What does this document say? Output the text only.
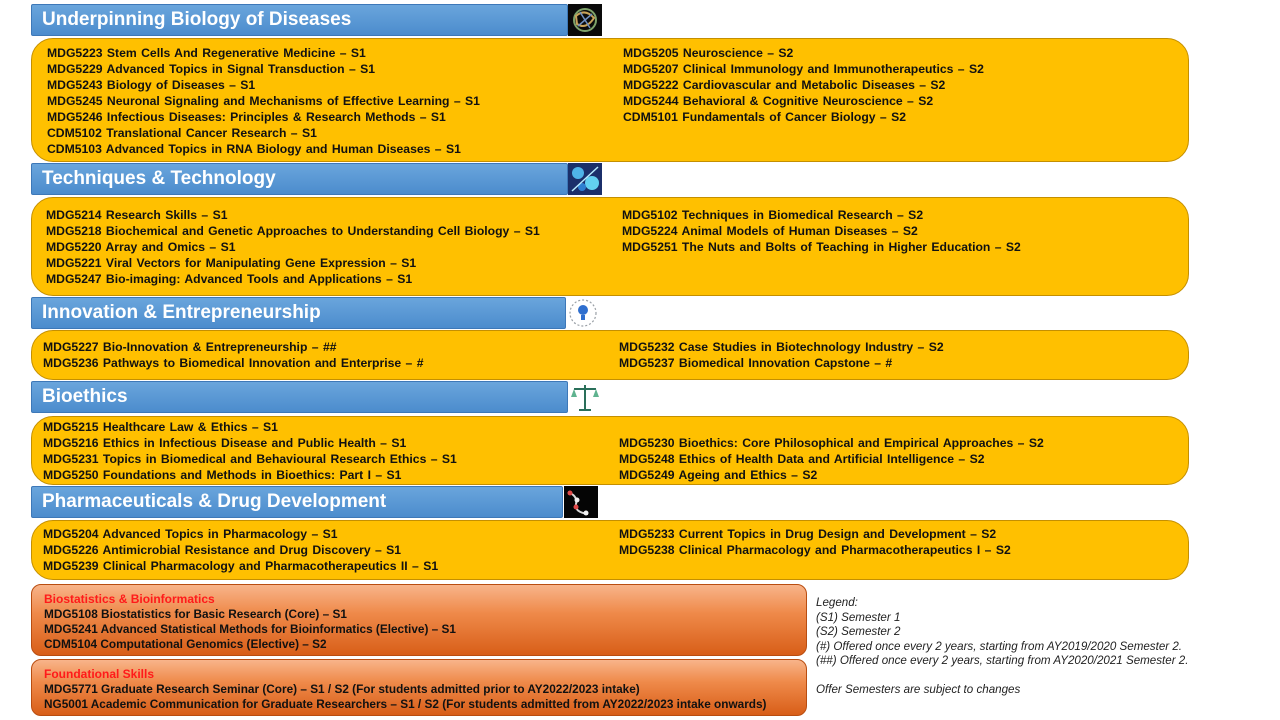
Underpinning Biology of Diseases
MDG5223 Stem Cells And Regenerative Medicine – S1
MDG5229 Advanced Topics in Signal Transduction – S1
MDG5243 Biology of Diseases – S1
MDG5245 Neuronal Signaling and Mechanisms of Effective Learning – S1
MDG5246 Infectious Diseases: Principles & Research Methods – S1
CDM5102 Translational Cancer Research – S1
CDM5103 Advanced Topics in RNA Biology and Human Diseases – S1
MDG5205 Neuroscience – S2
MDG5207 Clinical Immunology and Immunotherapeutics – S2
MDG5222 Cardiovascular and Metabolic Diseases – S2
MDG5244 Behavioral & Cognitive Neuroscience – S2
CDM5101 Fundamentals of Cancer Biology – S2
Techniques & Technology
MDG5214 Research Skills – S1
MDG5218 Biochemical and Genetic Approaches to Understanding Cell Biology – S1
MDG5220 Array and Omics – S1
MDG5221 Viral Vectors for Manipulating Gene Expression – S1
MDG5247 Bio-imaging: Advanced Tools and Applications – S1
MDG5102 Techniques in Biomedical Research – S2
MDG5224 Animal Models of Human Diseases – S2
MDG5251 The Nuts and Bolts of Teaching in Higher Education – S2
Innovation & Entrepreneurship
MDG5227 Bio-Innovation & Entrepreneurship – ##
MDG5236 Pathways to Biomedical Innovation and Enterprise – #
MDG5232 Case Studies in Biotechnology Industry – S2
MDG5237 Biomedical Innovation Capstone – #
Bioethics
MDG5215 Healthcare Law & Ethics – S1
MDG5216 Ethics in Infectious Disease and Public Health – S1
MDG5231 Topics in Biomedical and Behavioural Research Ethics – S1
MDG5250 Foundations and Methods in Bioethics: Part I – S1

MDG5230 Bioethics: Core Philosophical and Empirical Approaches – S2
MDG5248 Ethics of Health Data and Artificial Intelligence – S2
MDG5249 Ageing and Ethics – S2
Pharmaceuticals & Drug Development
MDG5204 Advanced Topics in Pharmacology – S1
MDG5226 Antimicrobial Resistance and Drug Discovery – S1
MDG5239 Clinical Pharmacology and Pharmacotherapeutics II – S1
MDG5233 Current Topics in Drug Design and Development – S2
MDG5238 Clinical Pharmacology and Pharmacotherapeutics I – S2
Biostatistics & Bioinformatics
MDG5108 Biostatistics for Basic Research (Core) – S1
MDG5241 Advanced Statistical Methods for Bioinformatics (Elective) – S1
CDM5104 Computational Genomics (Elective) – S2
Foundational Skills
MDG5771 Graduate Research Seminar (Core) – S1 / S2 (For students admitted prior to AY2022/2023 intake)
NG5001 Academic Communication for Graduate Researchers – S1 / S2 (For students admitted from AY2022/2023 intake onwards)
Legend:
(S1) Semester 1
(S2) Semester 2
(#) Offered once every 2 years, starting from AY2019/2020 Semester 2.
(##) Offered once every 2 years, starting from AY2020/2021 Semester 2.
Offer Semesters are subject to changes
